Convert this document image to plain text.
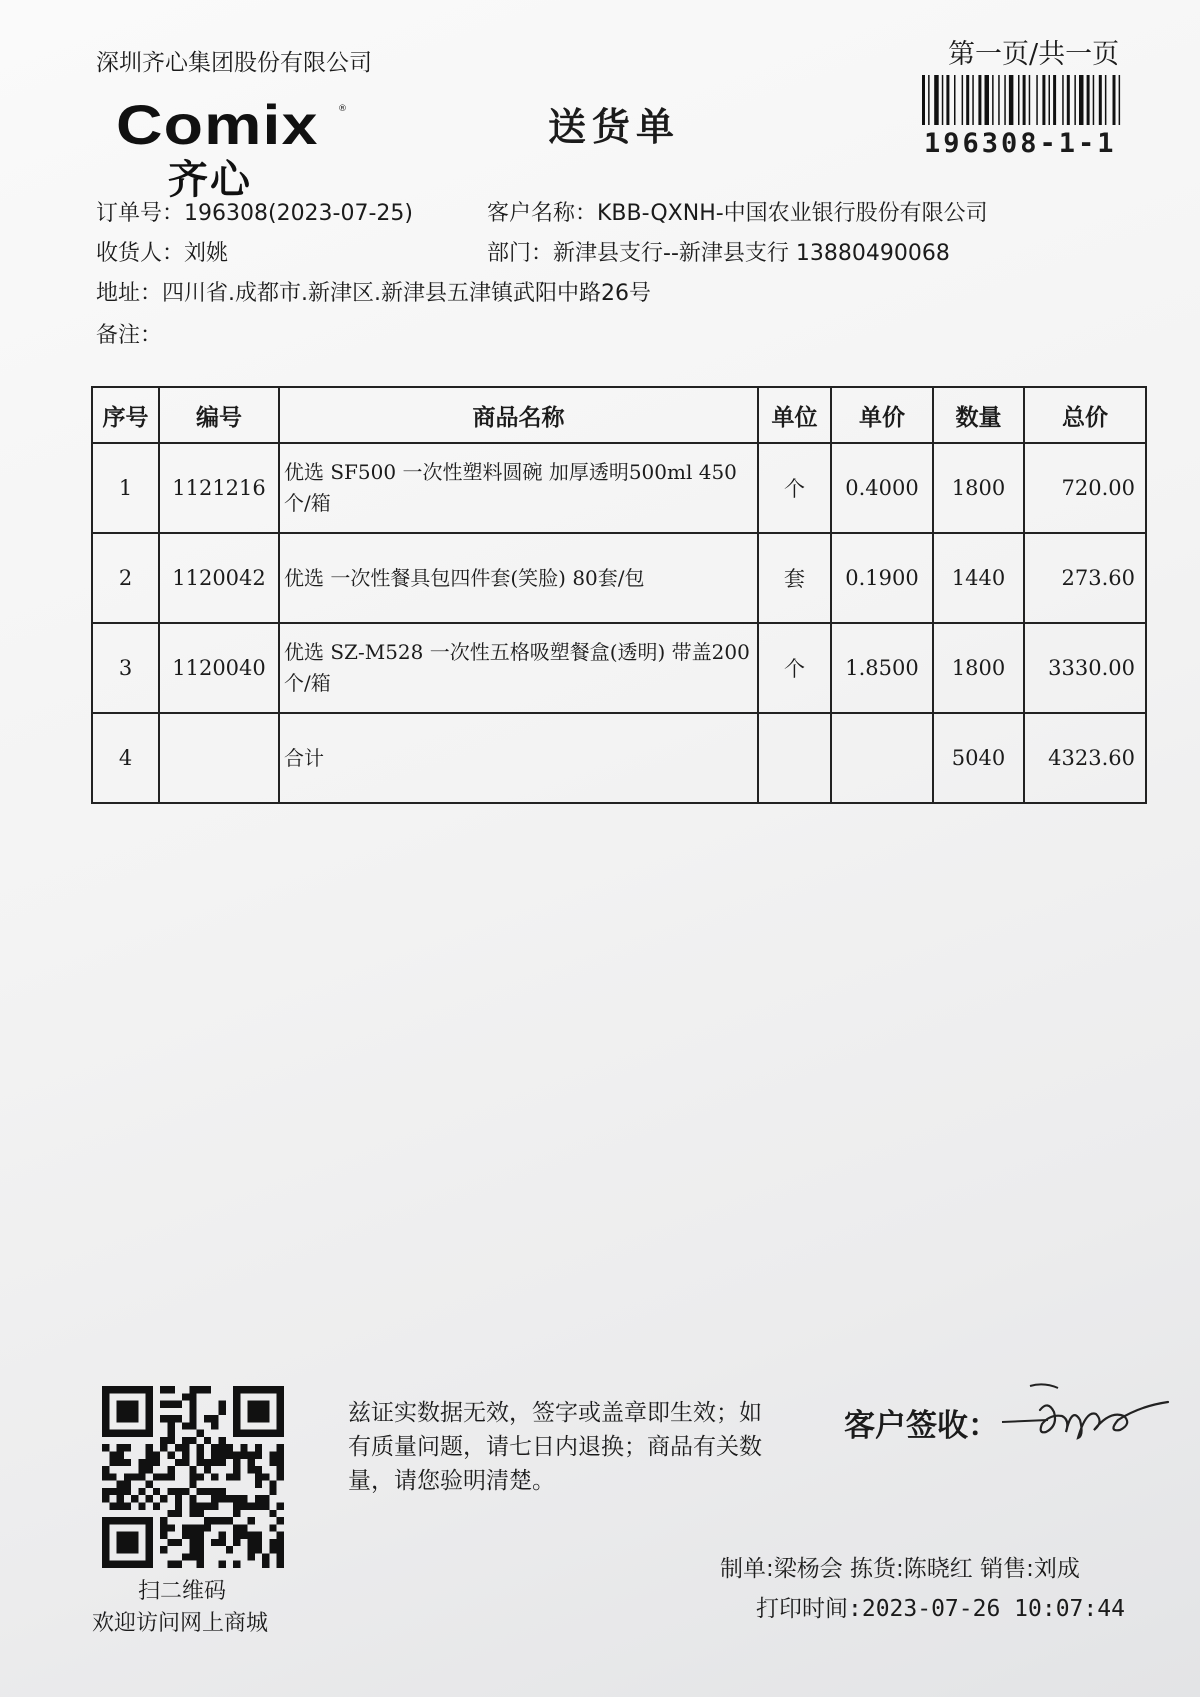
深圳齐心集团股份有限公司	第一页/共一页
196308-1-1
Comix ®
齐心
送货单
订单号：196308(2023-07-25)
收货人：刘姚
地址：四川省.成都市.新津区.新津县五津镇武阳中路26号
备注：
客户名称：KBB-QXNH-中国农业银行股份有限公司
部门：新津县支行--新津县支行 13880490068
序号	编号	商品名称	单位	单价	数量	总价
1	1121216	优选 SF500 一次性塑料圆碗 加厚透明500ml 450个/箱	个	0.4000	1800	720.00
2	1120042	优选 一次性餐具包四件套(笑脸) 80套/包	套	0.1900	1440	273.60
3	1120040	优选 SZ-M528 一次性五格吸塑餐盒(透明) 带盖200个/箱	个	1.8500	1800	3330.00
4		合计			5040	4323.60
扫二维码
欢迎访问网上商城
兹证实数据无效，签字或盖章即生效；如有质量问题，请七日内退换；商品有关数量，请您验明清楚。
客户签收：
制单:梁杨会 拣货:陈晓红 销售:刘成
打印时间:2023-07-26 10:07:44
